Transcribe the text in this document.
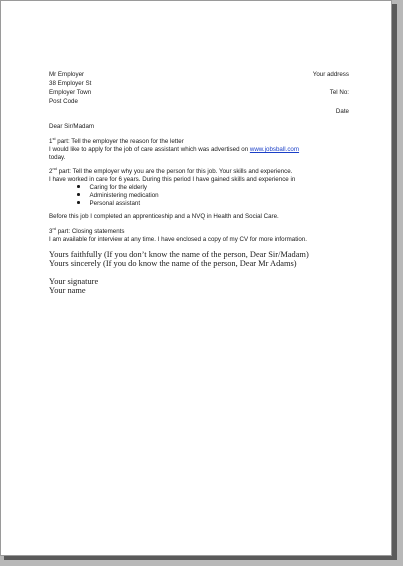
Mr Employer
38 Employer St
Employer Town
Post Code
Your address
Tel No:
Date
Dear Sir/Madam
1st part: Tell the employer the reason for the letter
I would like to apply for the job of care assistant which was advertised on www.jobsball.com
today.
2nd part: Tell the employer why you are the person for this job. Your skills and experience.
I have worked in care for 6 years. During this period I have gained skills and experience in
Caring for the elderly
Administering medication
Personal assistant
Before this job I completed an apprenticeship and a NVQ in Health and Social Care.
3rd part: Closing statements
I am available for interview at any time. I have enclosed a copy of my CV for more information.
Yours faithfully (If you don’t know the name of the person, Dear Sir/Madam)
Yours sincerely (If you do know the name of the person, Dear Mr Adams)
Your signature
Your name
